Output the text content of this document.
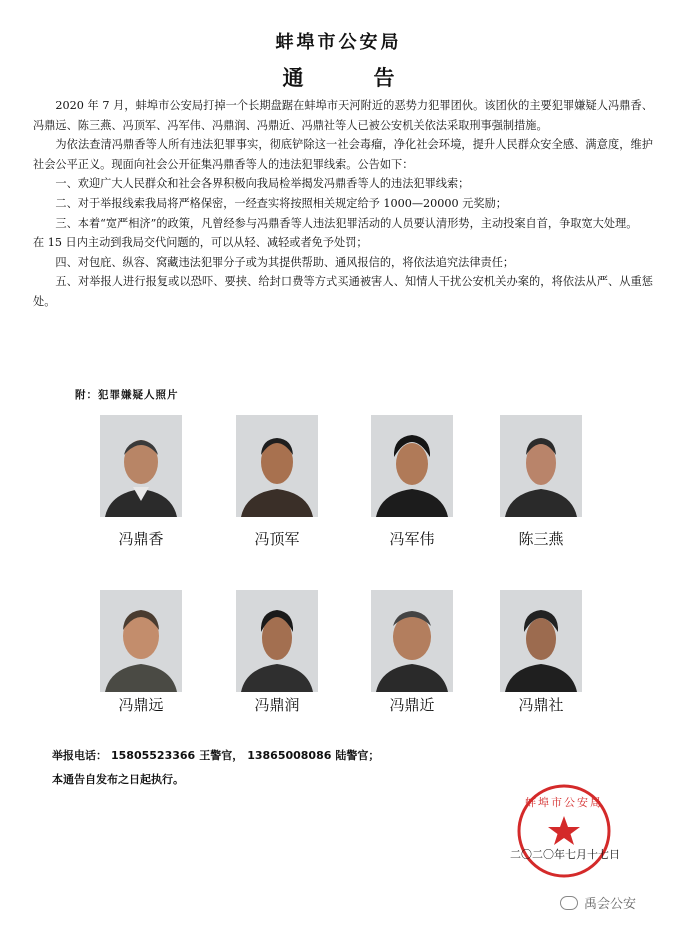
蚌埠市公安局
通	告

2020 年 7 月，蚌埠市公安局打掉一个长期盘踞在蚌埠市天河附近的恶势力犯罪团伙。该团伙的主要犯罪嫌疑人冯鼎香、冯鼎远、陈三燕、冯顶军、冯军伟、冯鼎润、冯鼎近、冯鼎社等人已被公安机关依法采取刑事强制措施。

为依法查清冯鼎香等人所有违法犯罪事实，彻底铲除这一社会毒瘤，净化社会环境，提升人民群众安全感、满意度，维护社会公平正义。现面向社会公开征集冯鼎香等人的违法犯罪线索。公告如下：

一、欢迎广大人民群众和社会各界积极向我局检举揭发冯鼎香等人的违法犯罪线索；

二、对于举报线索我局将严格保密，一经查实将按照相关规定给予 1000—20000 元奖励；

三、本着“宽严相济”的政策，凡曾经参与冯鼎香等人违法犯罪活动的人员要认清形势，主动投案自首，争取宽大处理。

在 15 日内主动到我局交代问题的，可以从轻、减轻或者免予处罚；

四、对包庇、纵容、窝藏违法犯罪分子或为其提供帮助、通风报信的，将依法追究法律责任；

五、对举报人进行报复或以恐吓、要挟、给封口费等方式买通被害人、知情人干扰公安机关办案的，将依法从严、从重惩处。

附：犯罪嫌疑人照片
冯鼎香	冯顶军	冯军伟	陈三燕
冯鼎远	冯鼎润	冯鼎近	冯鼎社
举报电话： 15805523366 王警官， 13865008086 陆警官；
本通告自发布之日起执行。
蚌埠市公安局
二〇二〇年七月十七日
禹会公安
